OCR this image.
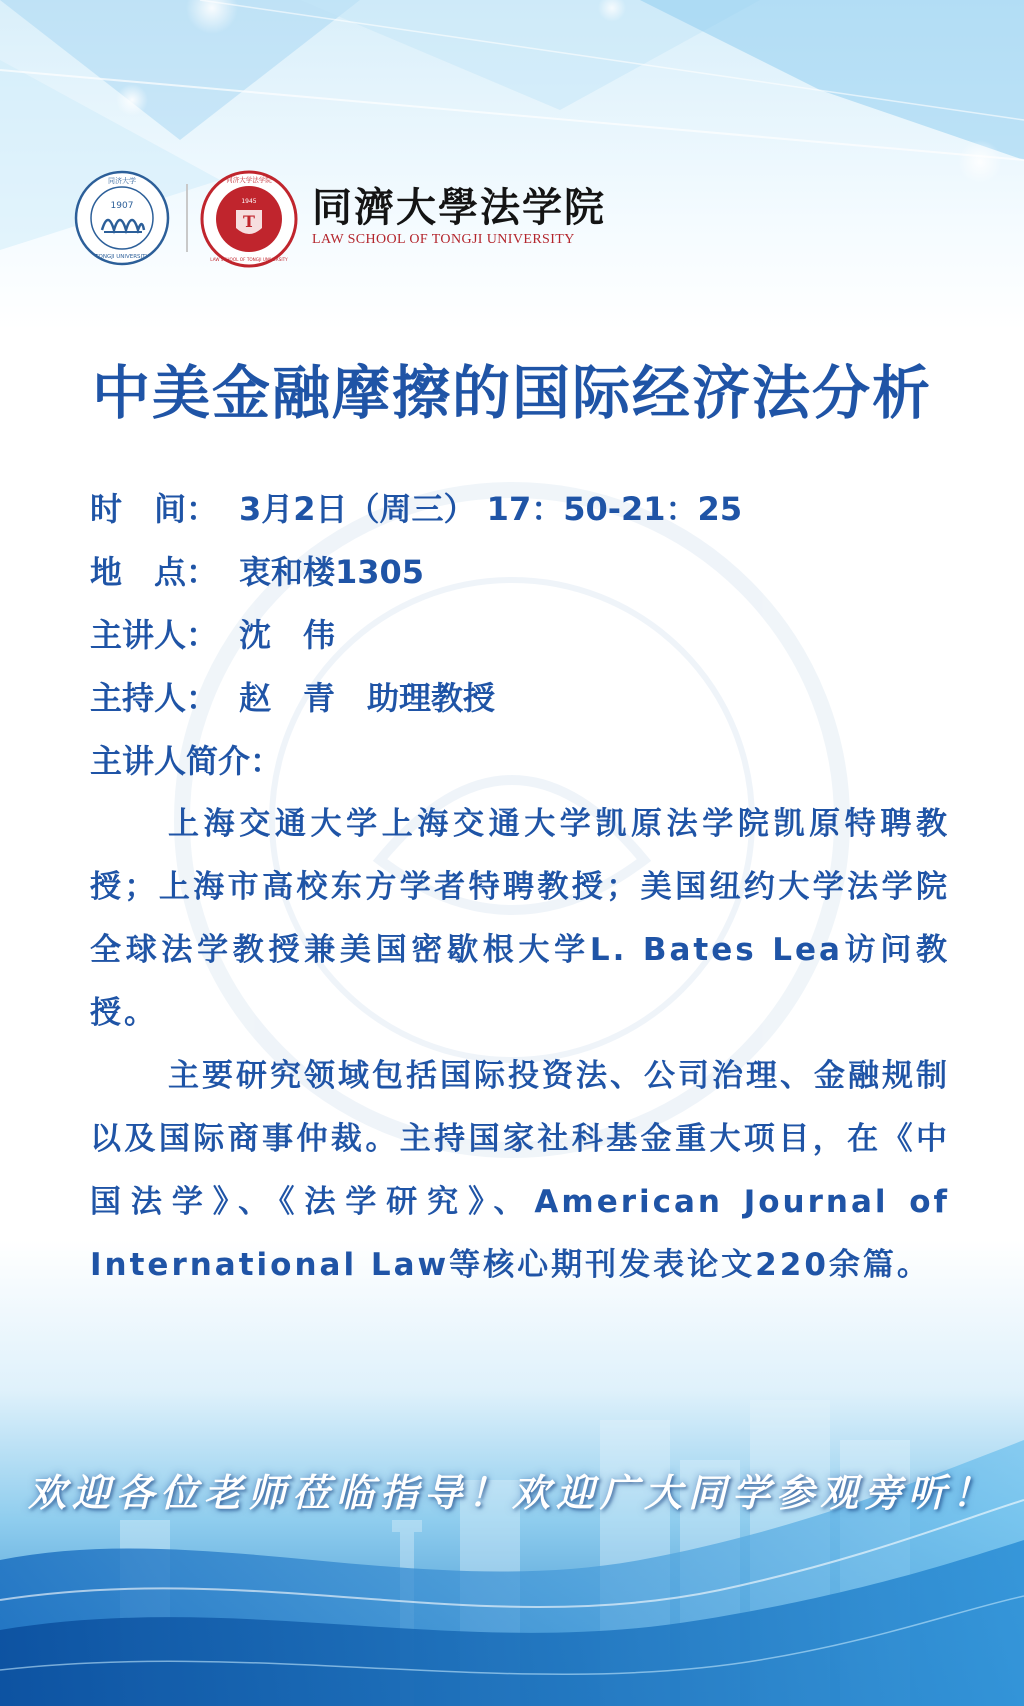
1907
同济大学
TONGJI UNIVERSITY
T
1945
同济大学法学院
LAW SCHOOL OF TONGJI UNIVERSITY
同濟大學法学院
LAW SCHOOL OF TONGJI UNIVERSITY
中美金融摩擦的国际经济法分析
时　间： 3月2日（周三） 17：50-21：25
地　点： 衷和楼1305
主讲人： 沈　伟
主持人： 赵　青　助理教授
主讲人简介：

上海交通大学上海交通大学凯原法学院凯原特聘教授；上海市高校东方学者特聘教授；美国纽约大学法学院全球法学教授兼美国密歇根大学L. Bates Lea访问教授。

主要研究领域包括国际投资法、公司治理、金融规制以及国际商事仲裁。主持国家社科基金重大项目，在《中国法学》、《法学研究》、American Journal of International Law等核心期刊发表论文220余篇。

欢迎各位老师莅临指导！欢迎广大同学参观旁听！
